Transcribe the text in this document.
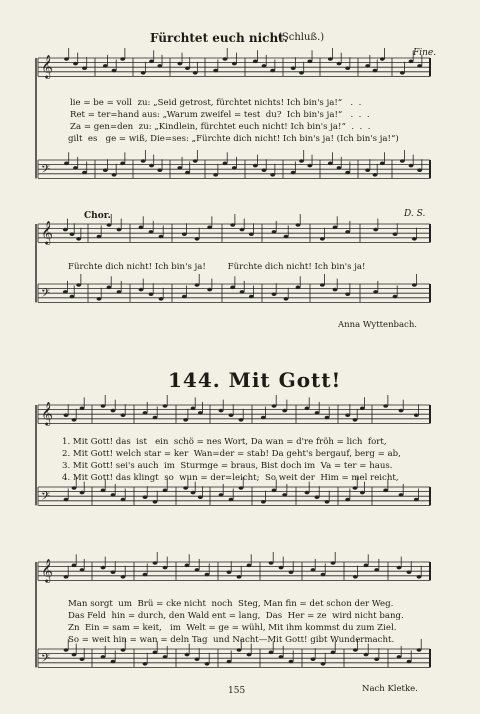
Fürchtet euch nicht.
(Schluß.)
Fine.
𝄞
𝄢
𝄞
𝄢
𝄞
𝄢
𝄞
𝄢
lie = be = voll  zu: „Seid getrost, fürchtet nichts! Ich bin's ja!“   .  .
Ret = ter=hand aus: „Warum zweifel = test  du?  Ich bin's ja!“   .  .  .
Za = gen=den  zu: „Kindlein, fürchtet euch nicht! Ich bin's ja!“  .  .  .
gilt  es   ge = wiß, Die=ses: „Fürchte dich nicht! Ich bin's ja! (Ich bin's ja!“)
Chor.	D. S.
Fürchte dich nicht! Ich bin's ja!        Fürchte dich nicht! Ich bin's ja!
Anna Wyttenbach.
144. Mit Gott!
1. Mit Gott! das  ist   ein  schö = nes Wort, Da wan = d're fröh = lich  fort,
2. Mit Gott! welch star = ker  Wan=der = stab! Da geht's bergauf, berg = ab,
3. Mit Gott! sei's auch  im  Sturmge = braus, Bist doch im  Va = ter = haus.
4. Mit Gott! das klingt  so  wun = der=leicht;  So weit der  Him = mel reicht,
Man sorgt  um  Brü = cke nicht  noch  Steg, Man fin = det schon der Weg.
Das Feld  hin = durch, den Wald ent = lang,  Das  Her = ze  wird nicht bang.
Zn  Ein = sam = keit,   im  Welt = ge = wühl, Mit ihm kommst du zum Ziel.
So = weit hin = wan = deln Tag  und Nacht—Mit Gott! gibt Wundermacht.
155	Nach Kletke.
